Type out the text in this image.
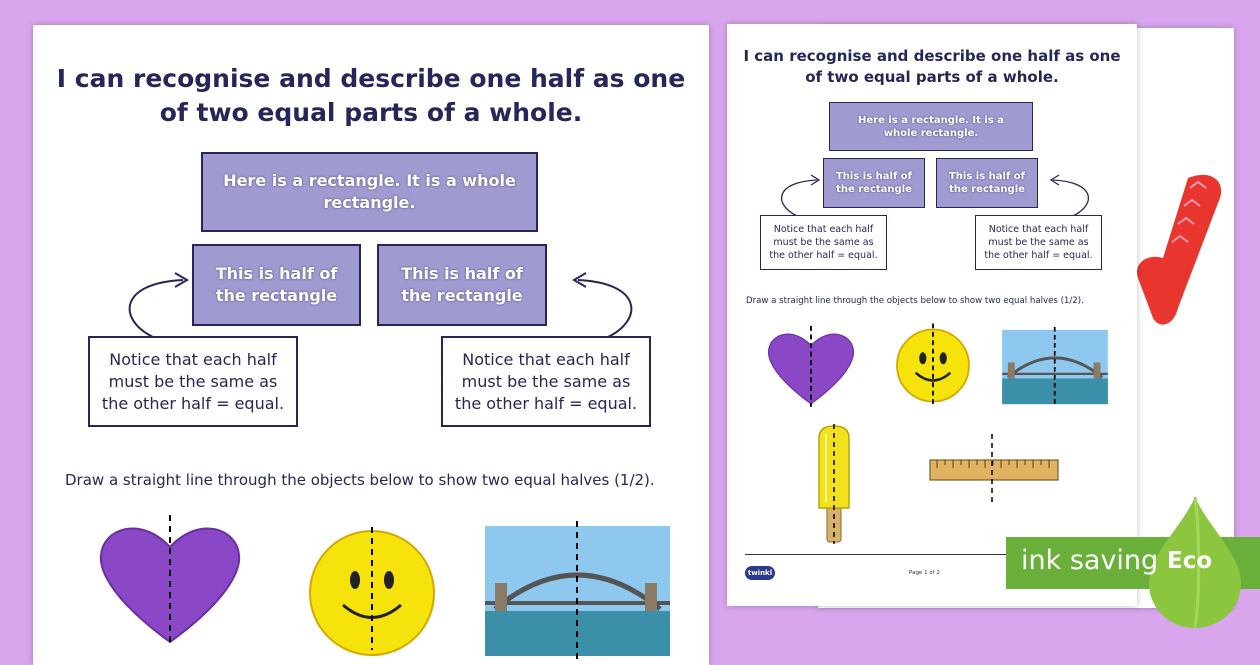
I can recognise and describe one half as one
of two equal parts of a whole.
Here is a rectangle. It is a whole rectangle.
This is half of the rectangle
This is half of the rectangle
Notice that each half must be the same as the other half = equal.
Notice that each half must be the same as the other half = equal.
Draw a straight line through the objects below to show two equal halves (1/2).
I can recognise and describe one half as one
of two equal parts of a whole.
Here is a rectangle. It is a whole rectangle.
This is half of the rectangle
This is half of the rectangle
Notice that each half must be the same as the other half = equal.
Notice that each half must be the same as the other half = equal.
Draw a straight line through the objects below to show two equal halves (1/2).
twinkl	Page 1 of 2	ink saving Eco
